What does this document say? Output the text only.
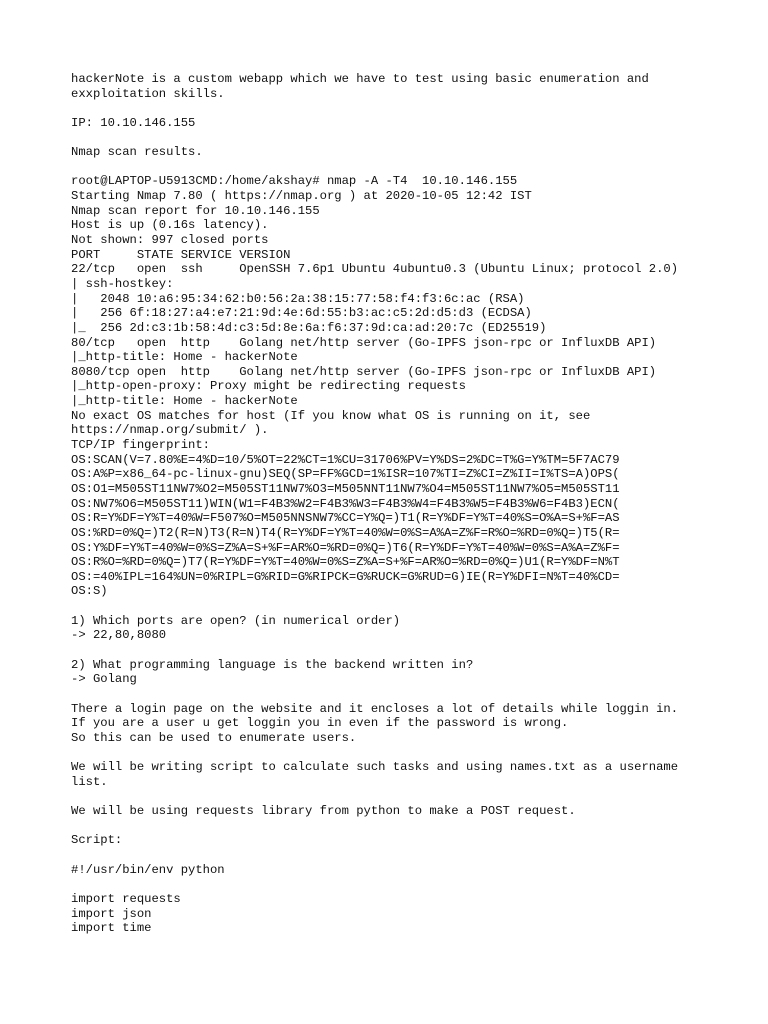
hackerNote is a custom webapp which we have to test using basic enumeration and
exxploitation skills.
IP: 10.10.146.155
Nmap scan results.
root@LAPTOP-U5913CMD:/home/akshay# nmap -A -T4  10.10.146.155
Starting Nmap 7.80 ( https://nmap.org ) at 2020-10-05 12:42 IST
Nmap scan report for 10.10.146.155
Host is up (0.16s latency).
Not shown: 997 closed ports
PORT     STATE SERVICE VERSION
22/tcp   open  ssh     OpenSSH 7.6p1 Ubuntu 4ubuntu0.3 (Ubuntu Linux; protocol 2.0)
| ssh-hostkey:
|   2048 10:a6:95:34:62:b0:56:2a:38:15:77:58:f4:f3:6c:ac (RSA)
|   256 6f:18:27:a4:e7:21:9d:4e:6d:55:b3:ac:c5:2d:d5:d3 (ECDSA)
|_  256 2d:c3:1b:58:4d:c3:5d:8e:6a:f6:37:9d:ca:ad:20:7c (ED25519)
80/tcp   open  http    Golang net/http server (Go-IPFS json-rpc or InfluxDB API)
|_http-title: Home - hackerNote
8080/tcp open  http    Golang net/http server (Go-IPFS json-rpc or InfluxDB API)
|_http-open-proxy: Proxy might be redirecting requests
|_http-title: Home - hackerNote
No exact OS matches for host (If you know what OS is running on it, see
https://nmap.org/submit/ ).
TCP/IP fingerprint:
OS:SCAN(V=7.80%E=4%D=10/5%OT=22%CT=1%CU=31706%PV=Y%DS=2%DC=T%G=Y%TM=5F7AC79
OS:A%P=x86_64-pc-linux-gnu)SEQ(SP=FF%GCD=1%ISR=107%TI=Z%CI=Z%II=I%TS=A)OPS(
OS:O1=M505ST11NW7%O2=M505ST11NW7%O3=M505NNT11NW7%O4=M505ST11NW7%O5=M505ST11
OS:NW7%O6=M505ST11)WIN(W1=F4B3%W2=F4B3%W3=F4B3%W4=F4B3%W5=F4B3%W6=F4B3)ECN(
OS:R=Y%DF=Y%T=40%W=F507%O=M505NNSNW7%CC=Y%Q=)T1(R=Y%DF=Y%T=40%S=O%A=S+%F=AS
OS:%RD=0%Q=)T2(R=N)T3(R=N)T4(R=Y%DF=Y%T=40%W=0%S=A%A=Z%F=R%O=%RD=0%Q=)T5(R=
OS:Y%DF=Y%T=40%W=0%S=Z%A=S+%F=AR%O=%RD=0%Q=)T6(R=Y%DF=Y%T=40%W=0%S=A%A=Z%F=
OS:R%O=%RD=0%Q=)T7(R=Y%DF=Y%T=40%W=0%S=Z%A=S+%F=AR%O=%RD=0%Q=)U1(R=Y%DF=N%T
OS:=40%IPL=164%UN=0%RIPL=G%RID=G%RIPCK=G%RUCK=G%RUD=G)IE(R=Y%DFI=N%T=40%CD=
OS:S)
1) Which ports are open? (in numerical order)
-> 22,80,8080
2) What programming language is the backend written in?
-> Golang
There a login page on the website and it encloses a lot of details while loggin in.
If you are a user u get loggin you in even if the password is wrong.
So this can be used to enumerate users.
We will be writing script to calculate such tasks and using names.txt as a username
list.
We will be using requests library from python to make a POST request.
Script:
#!/usr/bin/env python
import requests
import json
import time
